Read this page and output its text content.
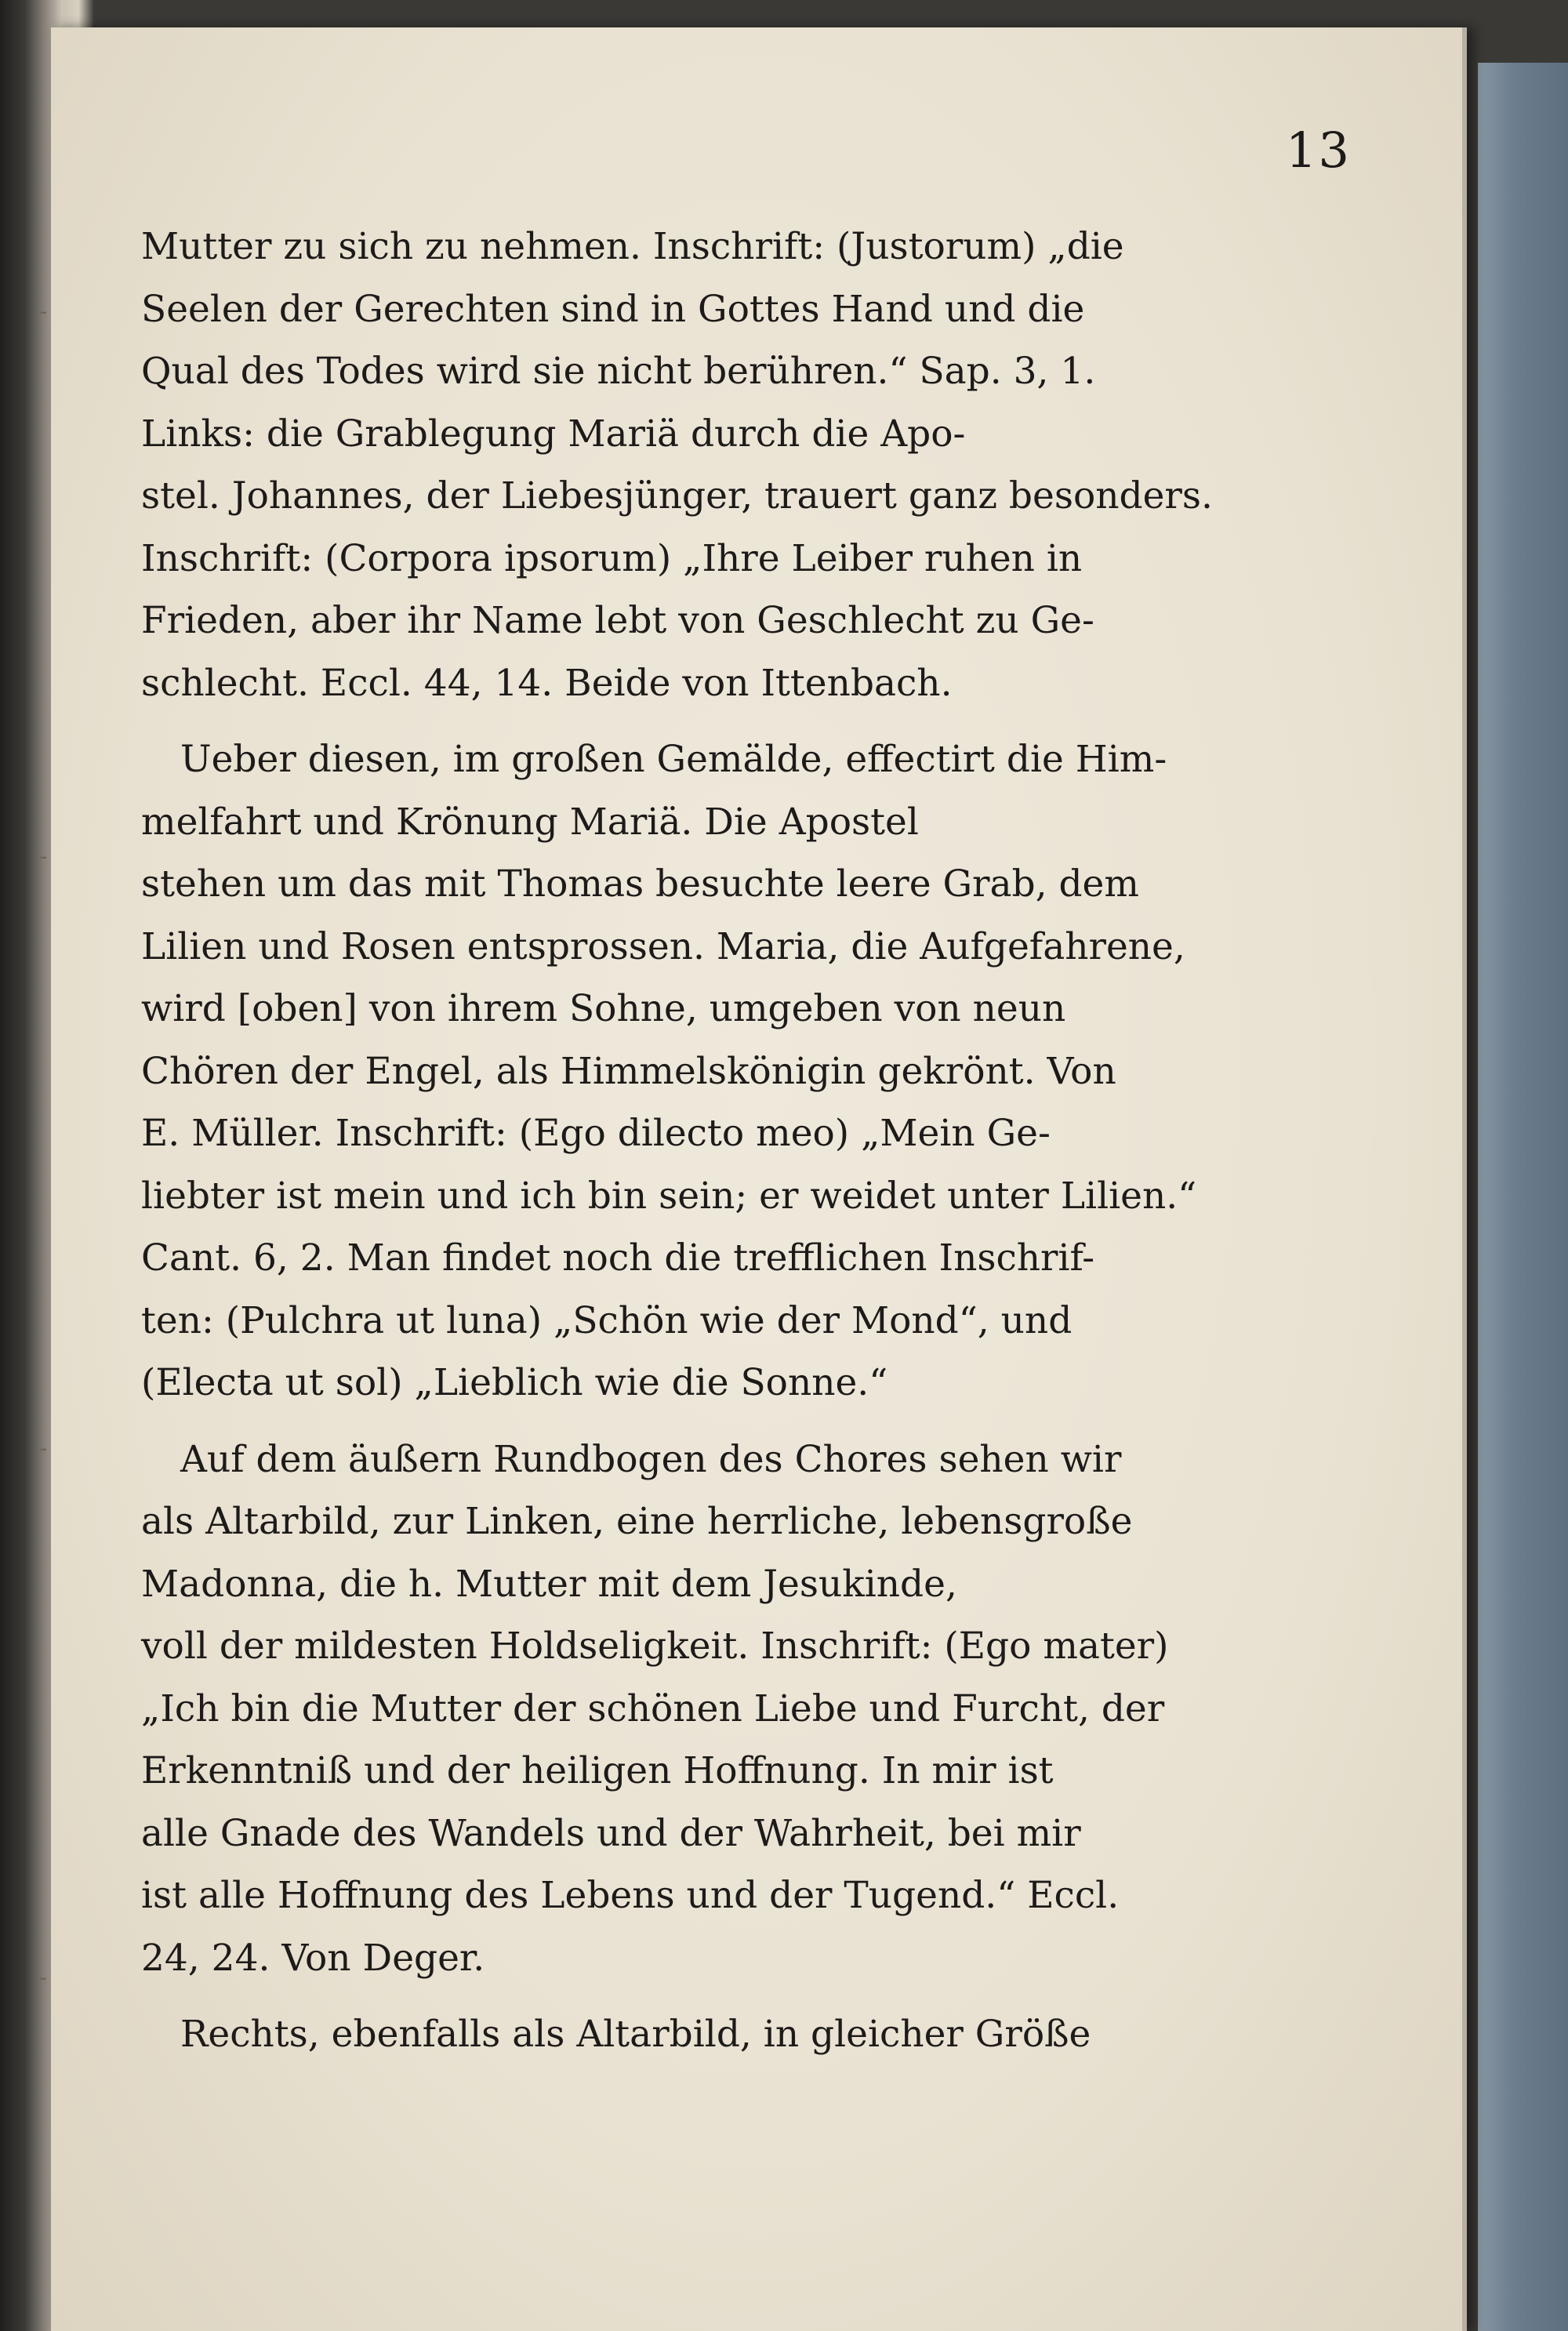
13
Mutter zu sich zu nehmen. Inschrift: (Justorum) „die
Seelen der Gerechten sind in Gottes Hand und die
Qual des Todes wird sie nicht berühren.“ Sap. 3, 1.
Links: die Grablegung Mariä durch die Apo-
stel. Johannes, der Liebesjünger, trauert ganz besonders.
Inschrift: (Corpora ipsorum) „Ihre Leiber ruhen in
Frieden, aber ihr Name lebt von Geschlecht zu Ge-
schlecht. Eccl. 44, 14. Beide von Ittenbach.
Ueber diesen, im großen Gemälde, effectirt die Him-
melfahrt und Krönung Mariä. Die Apostel
stehen um das mit Thomas besuchte leere Grab, dem
Lilien und Rosen entsprossen. Maria, die Aufgefahrene,
wird [oben] von ihrem Sohne, umgeben von neun
Chören der Engel, als Himmelskönigin gekrönt. Von
E. Müller. Inschrift: (Ego dilecto meo) „Mein Ge-
liebter ist mein und ich bin sein; er weidet unter Lilien.“
Cant. 6, 2. Man findet noch die trefflichen Inschrif-
ten: (Pulchra ut luna) „Schön wie der Mond“, und
(Electa ut sol) „Lieblich wie die Sonne.“
Auf dem äußern Rundbogen des Chores sehen wir
als Altarbild, zur Linken, eine herrliche, lebensgroße
Madonna, die h. Mutter mit dem Jesukinde,
voll der mildesten Holdseligkeit. Inschrift: (Ego mater)
„Ich bin die Mutter der schönen Liebe und Furcht, der
Erkenntniß und der heiligen Hoffnung. In mir ist
alle Gnade des Wandels und der Wahrheit, bei mir
ist alle Hoffnung des Lebens und der Tugend.“ Eccl.
24, 24. Von Deger.
Rechts, ebenfalls als Altarbild, in gleicher Größe
-
-
-
-
